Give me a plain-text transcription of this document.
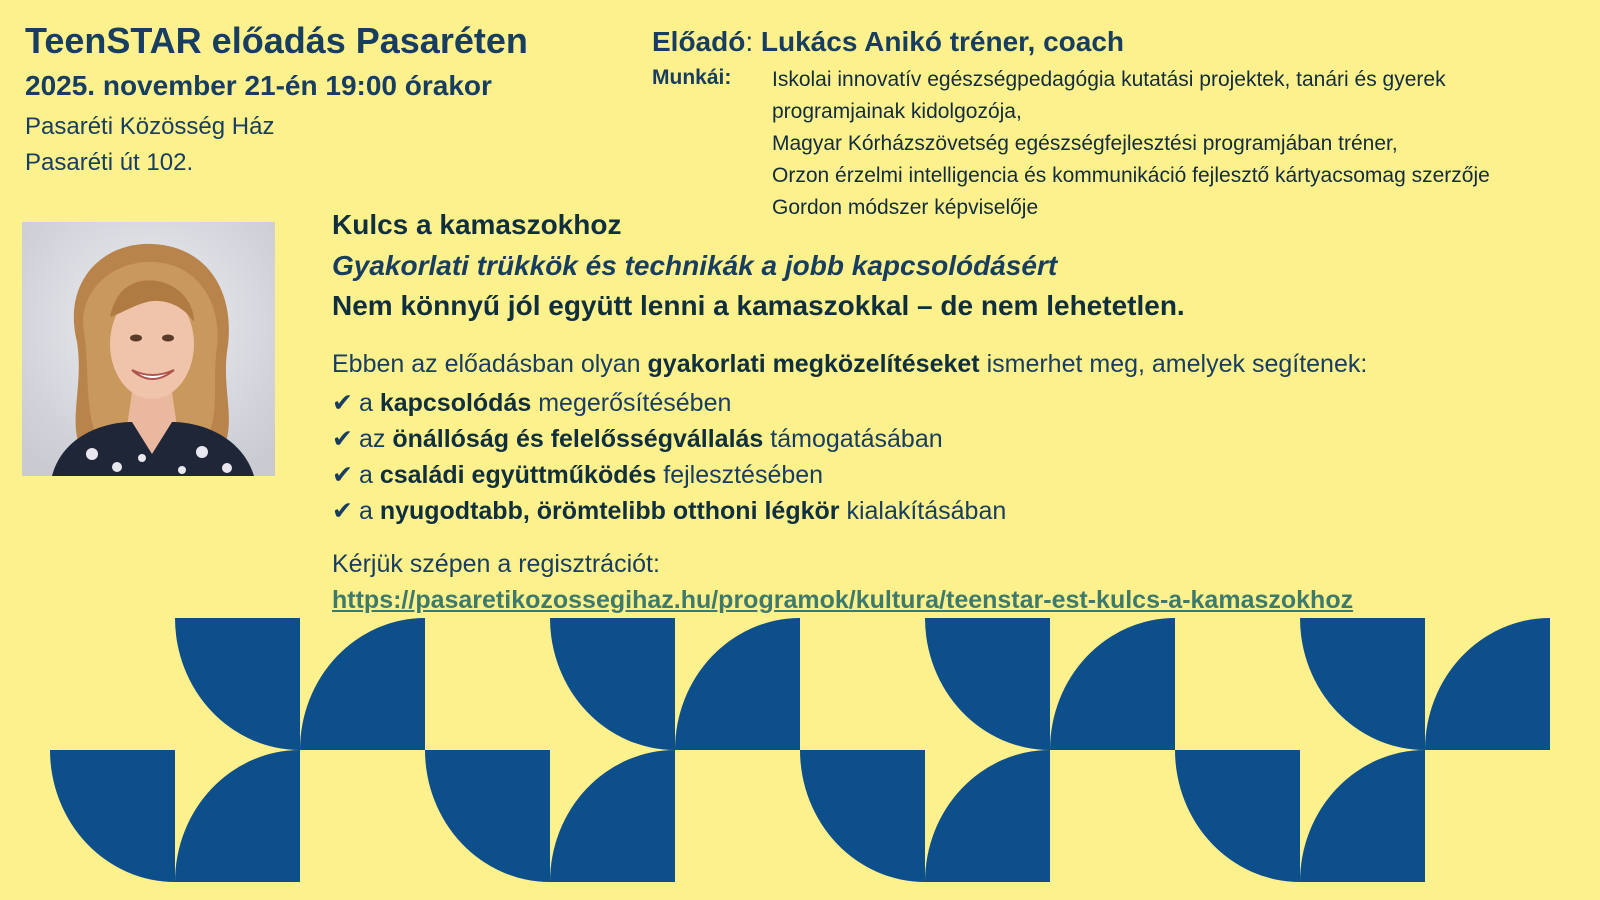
TeenSTAR előadás Pasaréten
2025. november 21-én 19:00 órakor
Pasaréti Közösség Ház
Pasaréti út 102.
Előadó: Lukács Anikó tréner, coach
Munkái: Iskolai innovatív egészségpedagógia kutatási projektek, tanári és gyerek
programjainak kidolgozója,
Magyar Kórházszövetség egészségfejlesztési programjában tréner,
Orzon érzelmi intelligencia és kommunikáció fejlesztő kártyacsomag szerzője
Gordon módszer képviselője
Kulcs a kamaszokhoz
Gyakorlati trükkök és technikák a jobb kapcsolódásért
Nem könnyű jól együtt lenni a kamaszokkal – de nem lehetetlen.
Ebben az előadásban olyan gyakorlati megközelítéseket ismerhet meg, amelyek segítenek:
✔ a kapcsolódás megerősítésében
✔ az önállóság és felelősségvállalás támogatásában
✔ a családi együttműködés fejlesztésében
✔ a nyugodtabb, örömtelibb otthoni légkör kialakításában
Kérjük szépen a regisztrációt:
https://pasaretikozossegihaz.hu/programok/kultura/teenstar-est-kulcs-a-kamaszokhoz
